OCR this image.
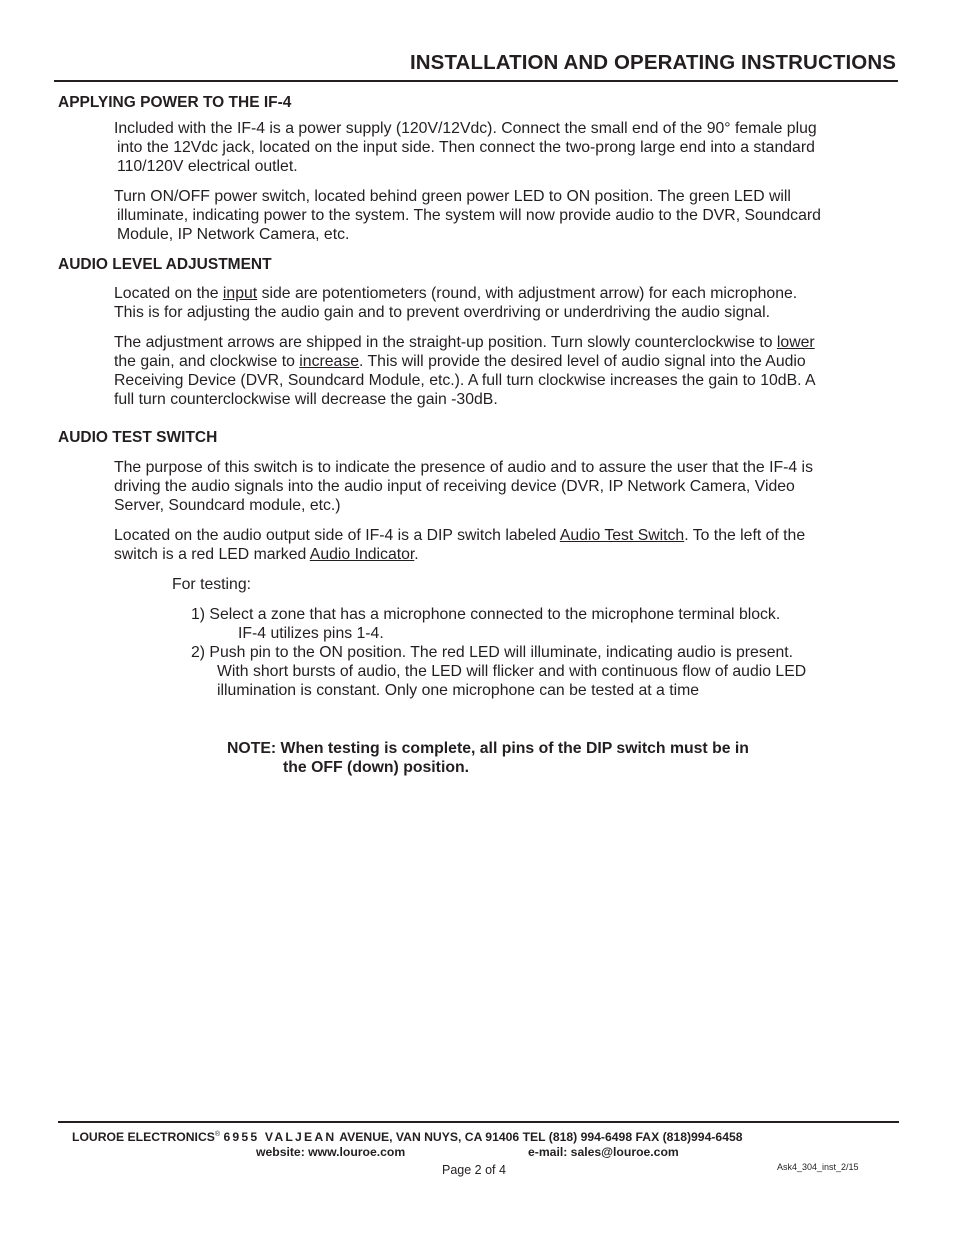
INSTALLATION AND OPERATING INSTRUCTIONS
APPLYING POWER TO THE IF-4
Included with the IF-4 is a power supply (120V/12Vdc). Connect the small end of the 90° female plug
into the 12Vdc jack, located on the input side. Then connect the two-prong large end into a standard
110/120V electrical outlet.
Turn ON/OFF power switch, located behind green power LED to ON position. The green LED will
illuminate, indicating power to the system. The system will now provide audio to the DVR, Soundcard
Module, IP Network Camera, etc.
AUDIO LEVEL ADJUSTMENT
Located on the input side are potentiometers (round, with adjustment arrow) for each microphone.
This is for adjusting the audio gain and to prevent overdriving or underdriving the audio signal.
The adjustment arrows are shipped in the straight-up position. Turn slowly counterclockwise to lower
the gain, and clockwise to increase. This will provide the desired level of audio signal into the Audio
Receiving Device (DVR, Soundcard Module, etc.). A full turn clockwise increases the gain to 10dB. A
full turn counterclockwise will decrease the gain -30dB.
AUDIO TEST SWITCH
The purpose of this switch is to indicate the presence of audio and to assure the user that the IF-4 is
driving the audio signals into the audio input of receiving device (DVR, IP Network Camera, Video
Server, Soundcard module, etc.)
Located on the audio output side of IF-4 is a DIP switch labeled Audio Test Switch. To the left of the
switch is a red LED marked Audio Indicator.
For testing:
1) Select a zone that has a microphone connected to the microphone terminal block.
IF-4 utilizes pins 1-4.
2) Push pin to the ON position. The red LED will illuminate, indicating audio is present.
With short bursts of audio, the LED will flicker and with continuous flow of audio LED
illumination is constant. Only one microphone can be tested at a time
NOTE: When testing is complete, all pins of the DIP switch must be in
the OFF (down) position.
LOUROE ELECTRONICS® 6955 VALJEAN AVENUE, VAN NUYS, CA 91406 TEL (818) 994-6498 FAX (818)994-6458
website: www.louroe.com	e-mail: sales@louroe.com
Page 2 of 4	Ask4_304_inst_2/15
